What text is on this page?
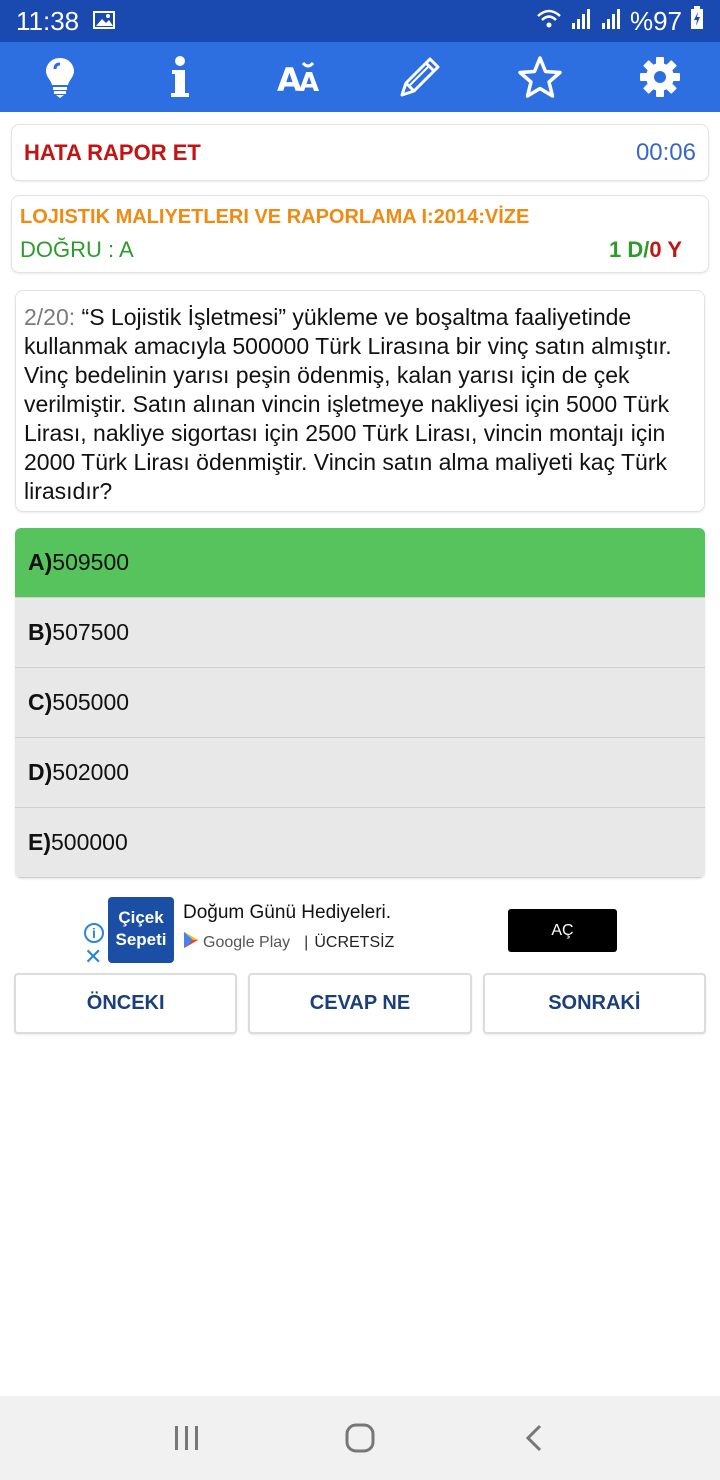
11:38	%97
A
A
HATA RAPOR ET	00:06
LOJISTIK MALIYETLERI VE RAPORLAMA I:2014:VİZE
DOĞRU : A	1 D/0 Y
2/20: “S Lojistik İşletmesi” yükleme ve boşaltma faaliyetinde kullanmak amacıyla 500000 Türk Lirasına bir vinç satın almıştır. Vinç bedelinin yarısı peşin ödenmiş, kalan yarısı için de çek verilmiştir. Satın alınan vincin işletmeye nakliyesi için 5000 Türk Lirası, nakliye sigortası için 2500 Türk Lirası, vincin montajı için 2000 Türk Lirası ödenmiştir. Vincin satın alma maliyeti kaç Türk lirasıdır?
A) 509500
B) 507500
C) 505000
D) 502000
E) 500000
i
✕
Çiçek
Sepeti
Doğum Günü Hediyeleri.
Google Play | ÜCRETSİZ
AÇ
ÖNCEKI	CEVAP NE	SONRAKİ
